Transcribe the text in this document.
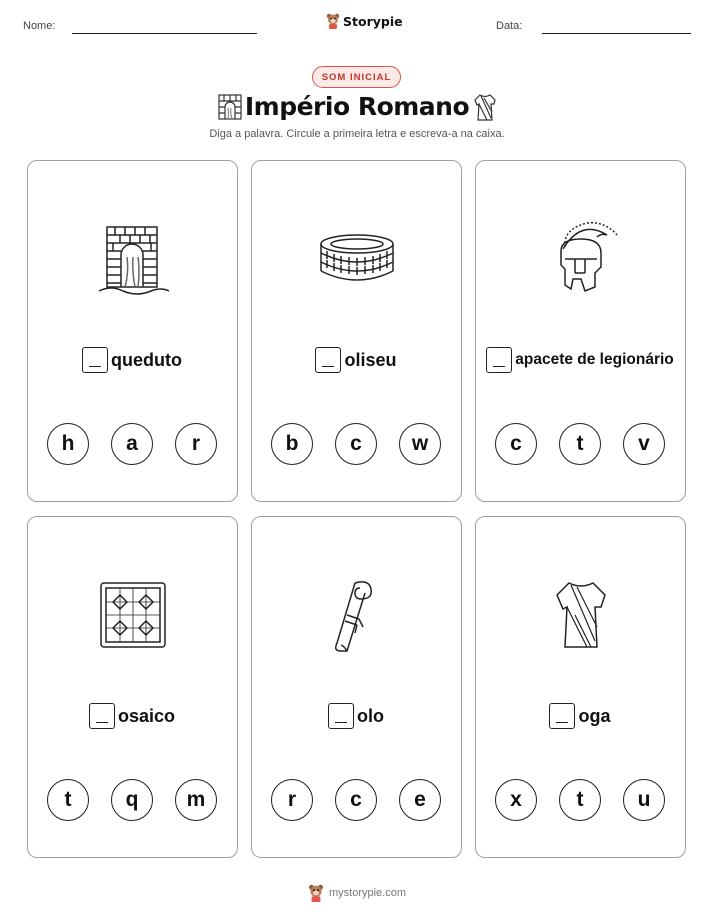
Nome:	Storypie	Data:
SOM INICIAL
Império Romano
Diga a palavra. Circule a primeira letra e escreva-a na caixa.
queduto
h	a	r
oliseu
b	c	w
apacete de legionário
c	t	v
osaico
t	q	m
olo
r	c	e
oga
x	t	u
mystorypie.com
